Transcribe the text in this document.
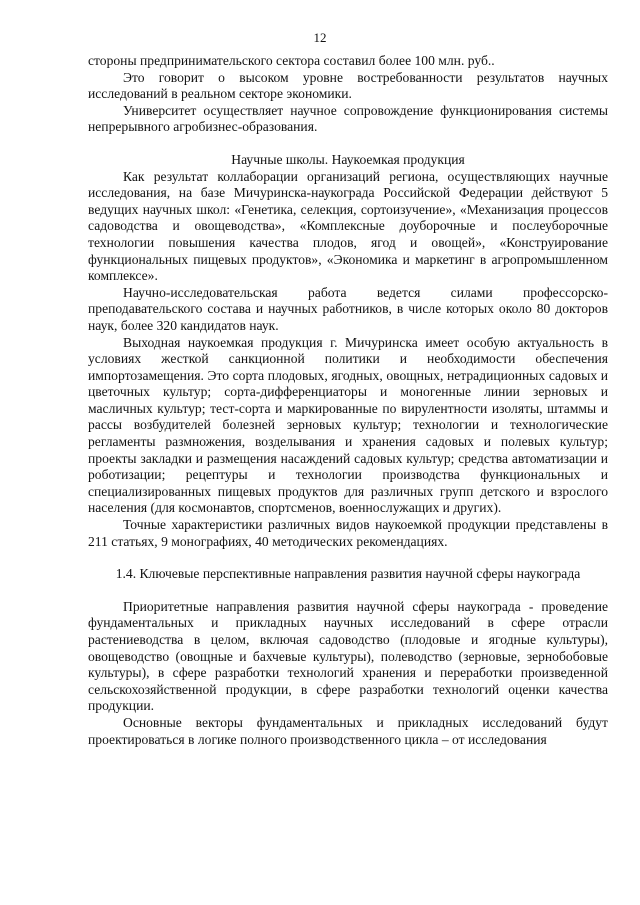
12

стороны предпринимательского сектора составил более 100 млн. руб..

Это говорит о высоком уровне востребованности результатов научных исследований в реальном секторе экономики.

Университет осуществляет научное сопровождение функционирования системы непрерывного агробизнес-образования.

Научные школы. Наукоемкая продукция

Как результат коллаборации организаций региона, осуществляющих научные исследования, на базе Мичуринска-наукограда Российской Федерации действуют 5 ведущих научных школ: «Генетика, селекция, сортоизучение», «Механизация процессов садоводства и овощеводства», «Комплексные доуборочные и послеуборочные технологии повышения качества плодов, ягод и овощей», «Конструирование функциональных пищевых продуктов», «Экономика и маркетинг в агропромышленном комплексе».

Научно-исследовательская работа ведется силами профессорско-преподавательского состава и научных работников, в числе которых около 80 докторов наук, более 320 кандидатов наук.

Выходная наукоемкая продукция г. Мичуринска имеет особую актуальность в условиях жесткой санкционной политики и необходимости обеспечения импортозамещения. Это сорта плодовых, ягодных, овощных, нетрадиционных садовых и цветочных культур; сорта-дифференциаторы и моногенные линии зерновых и масличных культур; тест-сорта и маркированные по вирулентности изоляты, штаммы и рассы возбудителей болезней зерновых культур; технологии и технологические регламенты размножения, возделывания и хранения садовых и полевых культур; проекты закладки и размещения насаждений садовых культур; средства автоматизации и роботизации; рецептуры и технологии производства функциональных и специализированных пищевых продуктов для различных групп детского и взрослого населения (для космонавтов, спортсменов, военнослужащих и других).

Точные характеристики различных видов наукоемкой продукции представлены в 211 статьях, 9 монографиях, 40 методических рекомендациях.

1.4. Ключевые перспективные направления развития научной сферы наукограда

Приоритетные направления развития научной сферы наукограда - проведение фундаментальных и прикладных научных исследований в сфере отрасли растениеводства в целом, включая садоводство (плодовые и ягодные культуры), овощеводство (овощные и бахчевые культуры), полеводство (зерновые, зернобобовые культуры), в сфере разработки технологий хранения и переработки произведенной сельскохозяйственной продукции, в сфере разработки технологий оценки качества продукции.

Основные векторы фундаментальных и прикладных исследований будут проектироваться в логике полного производственного цикла – от исследования
